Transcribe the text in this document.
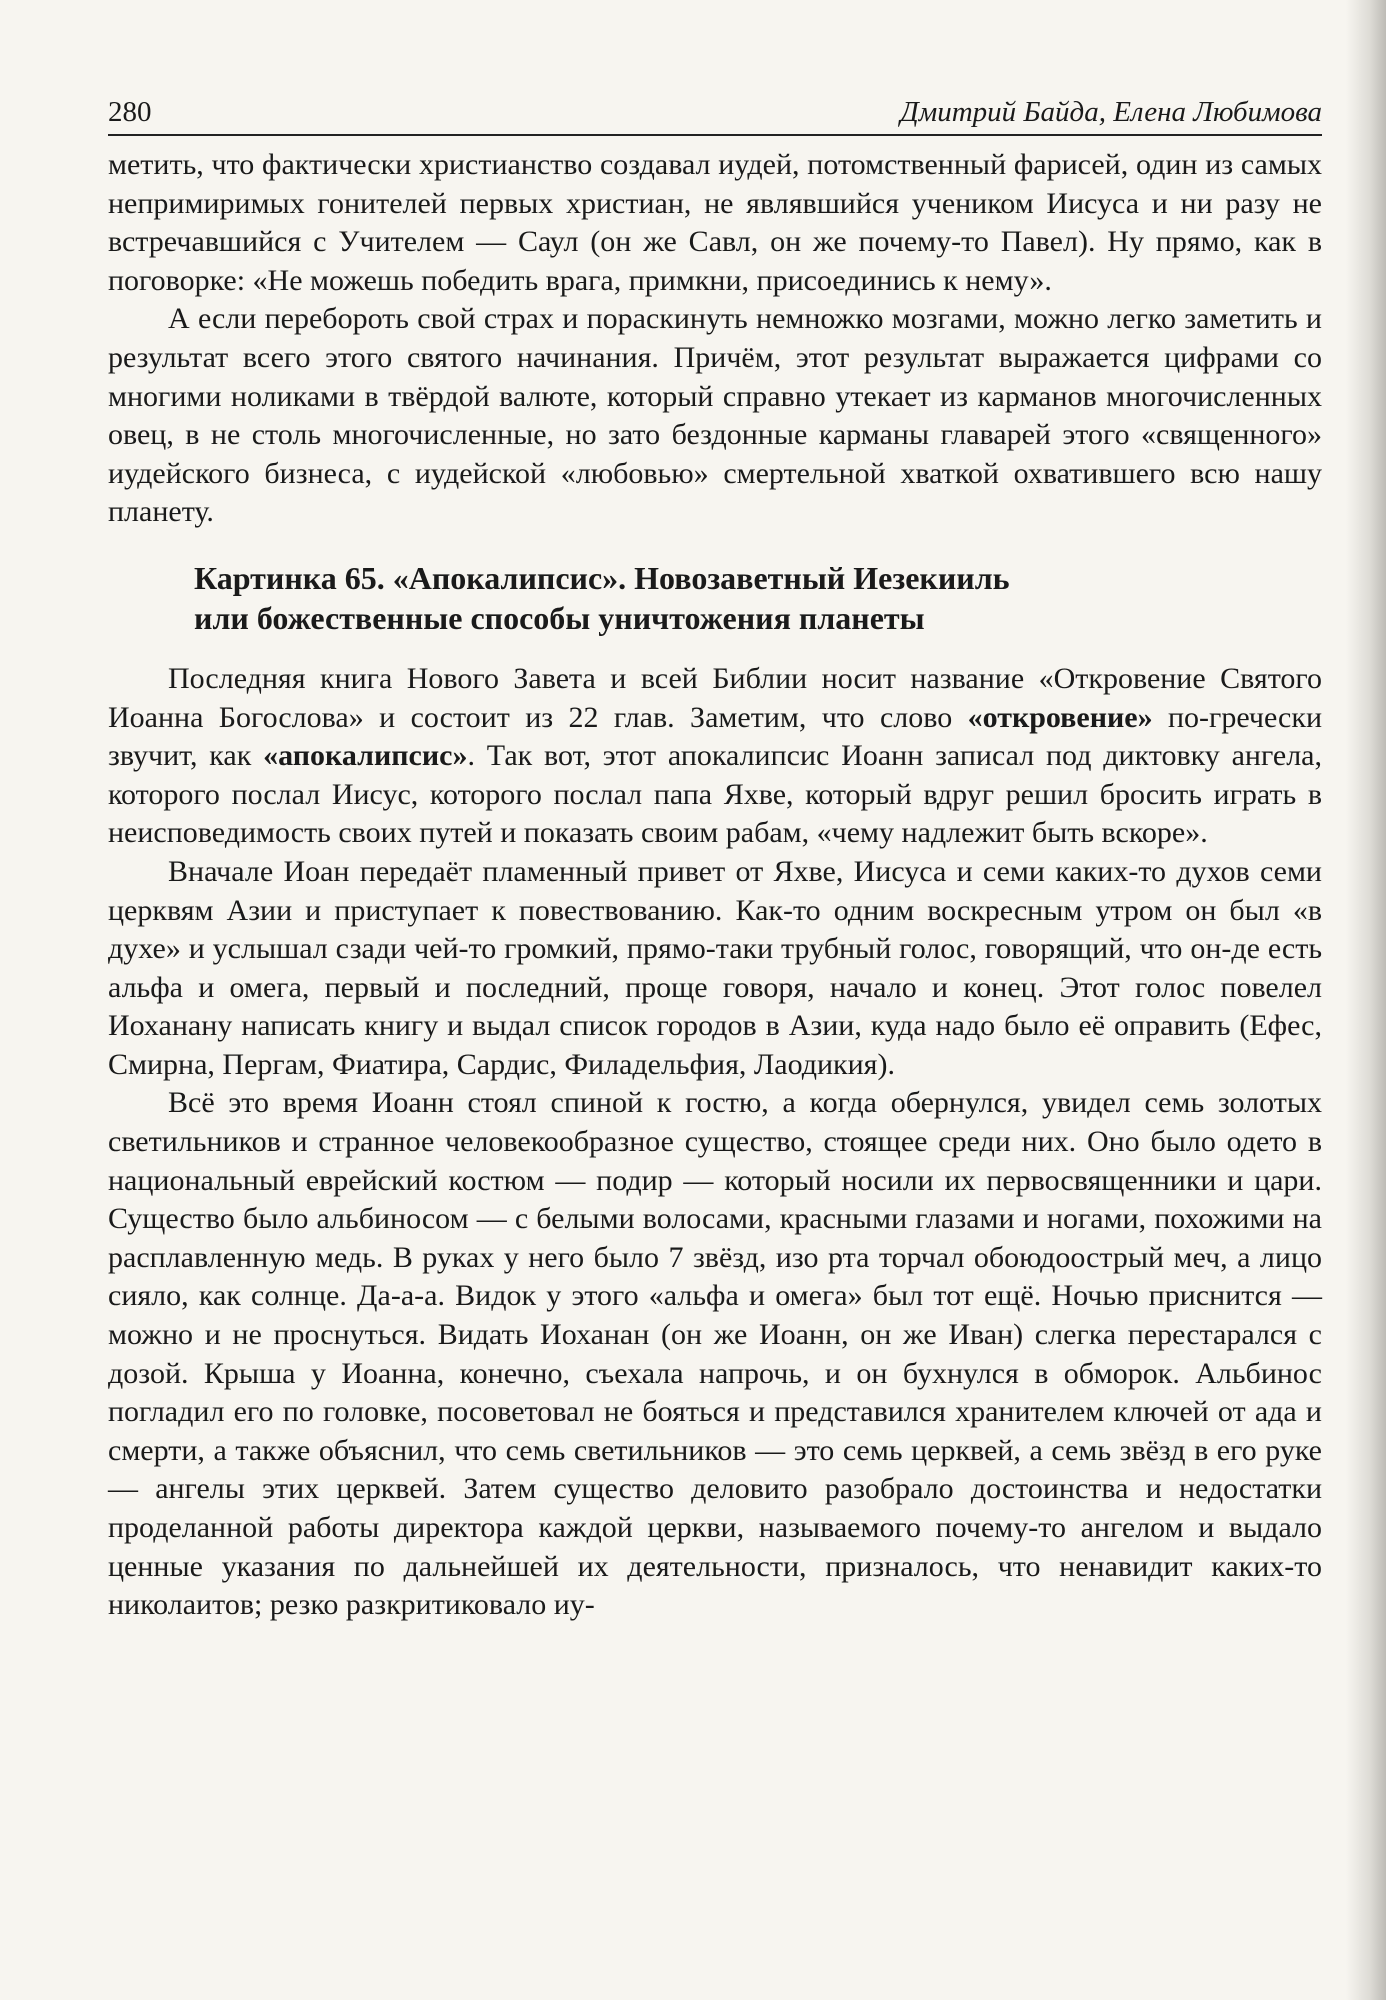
280	Дмитрий Байда, Елена Любимова

метить, что фактически христианство создавал иудей, потомственный фарисей, один из самых непримиримых гонителей первых христиан, не являвшийся учеником Иисуса и ни разу не встречавшийся с Учителем — Саул (он же Савл, он же почему-то Павел). Ну прямо, как в поговорке: «Не можешь победить врага, примкни, присоединись к нему».

А если перебороть свой страх и пораскинуть немножко мозгами, можно легко заметить и результат всего этого святого начинания. Причём, этот результат выражается цифрами со многими ноликами в твёрдой валюте, который справно утекает из карманов многочисленных овец, в не столь многочисленные, но зато бездонные карманы главарей этого «священного» иудейского бизнеса, с иудейской «любовью» смертельной хваткой охватившего всю нашу планету.

Картинка 65. «Апокалипсис». Новозаветный Иезекииль
или божественные способы уничтожения планеты

Последняя книга Нового Завета и всей Библии носит название «Откровение Святого Иоанна Богослова» и состоит из 22 глав. Заметим, что слово «откровение» по-гречески звучит, как «апокалипсис». Так вот, этот апокалипсис Иоанн записал под диктовку ангела, которого послал Иисус, которого послал папа Яхве, который вдруг решил бросить играть в неисповедимость своих путей и показать своим рабам, «чему надлежит быть вскоре».

Вначале Иоан передаёт пламенный привет от Яхве, Иисуса и семи каких-то духов семи церквям Азии и приступает к повествованию. Как-то одним воскресным утром он был «в духе» и услышал сзади чей-то громкий, прямо-таки трубный голос, говорящий, что он-де есть альфа и омега, первый и последний, проще говоря, начало и конец. Этот голос повелел Иоханану написать книгу и выдал список городов в Азии, куда надо было её оправить (Ефес, Смирна, Пергам, Фиатира, Сардис, Филадельфия, Лаодикия).

Всё это время Иоанн стоял спиной к гостю, а когда обернулся, увидел семь золотых светильников и странное человекообразное существо, стоящее среди них. Оно было одето в национальный еврейский костюм — подир — который носили их первосвященники и цари. Существо было альбиносом — с белыми волосами, красными глазами и ногами, похожими на расплавленную медь. В руках у него было 7 звёзд, изо рта торчал обоюдоострый меч, а лицо сияло, как солнце. Да-а-а. Видок у этого «альфа и омега» был тот ещё. Ночью приснится — можно и не проснуться. Видать Иоханан (он же Иоанн, он же Иван) слегка перестарался с дозой. Крыша у Иоанна, конечно, съехала напрочь, и он бухнулся в обморок. Альбинос погладил его по головке, посоветовал не бояться и представился хранителем ключей от ада и смерти, а также объяснил, что семь светильников — это семь церквей, а семь звёзд в его руке — ангелы этих церквей. Затем существо деловито разобрало достоинства и недостатки проделанной работы директора каждой церкви, называемого почему-то ангелом и выдало ценные указания по дальнейшей их деятельности, призналось, что ненавидит каких-то николаитов; резко разкритиковало иу-
